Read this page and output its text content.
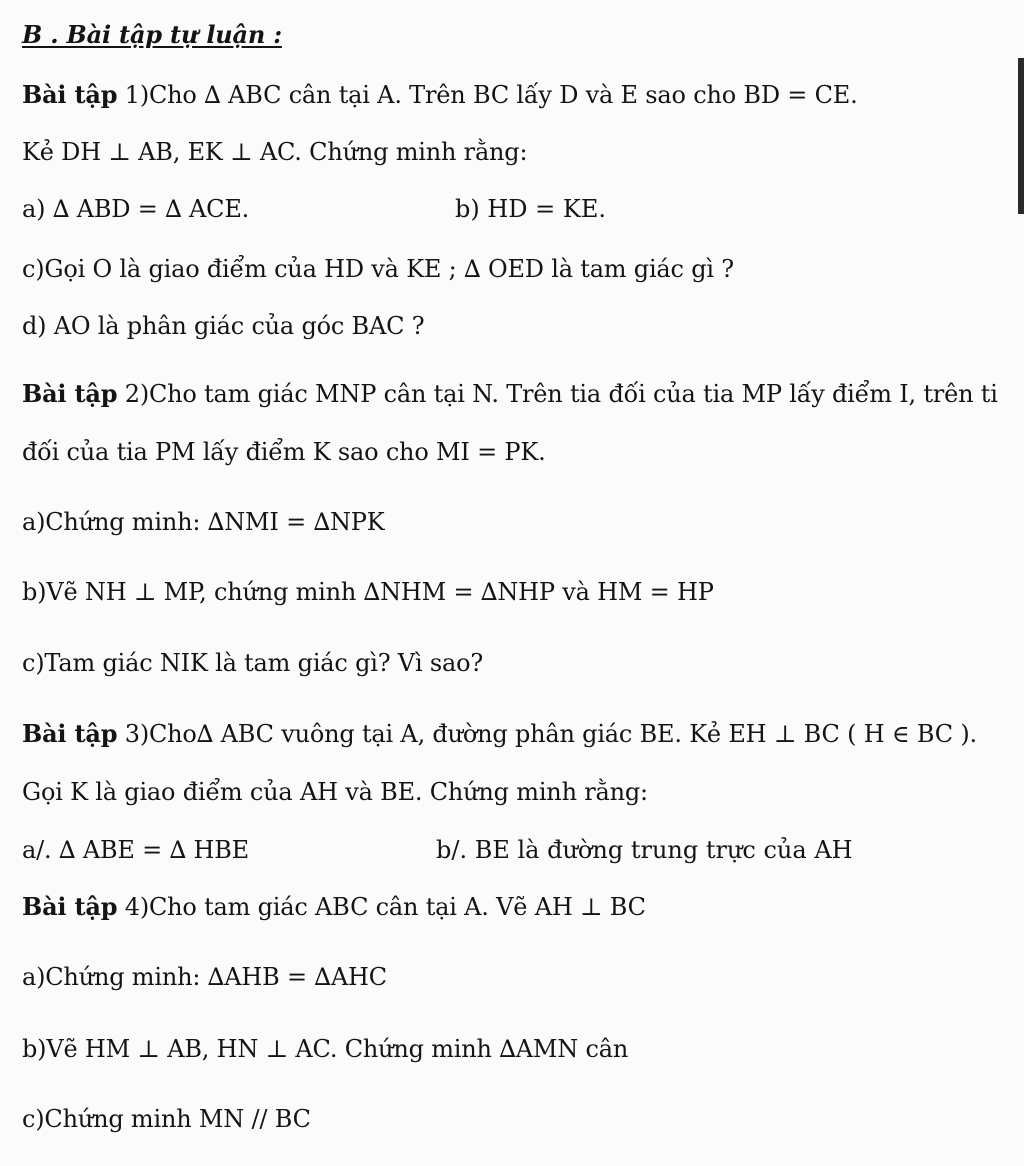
B . Bài tập tự luận :
Bài tập 1)Cho ∆ ABC cân tại A. Trên BC lấy D và E sao cho BD = CE.
Kẻ DH ⊥ AB, EK ⊥ AC. Chứng minh rằng:
a) ∆ ABD = ∆ ACE.	b) HD = KE.
c)Gọi O là giao điểm của HD và KE ; ∆ OED là tam giác gì ?
d) AO là phân giác của góc BAC ?
Bài tập 2)Cho tam giác MNP cân tại N. Trên tia đối của tia MP lấy điểm I, trên ti
đối của tia PM lấy điểm K sao cho MI = PK.
a)Chứng minh: ∆NMI = ∆NPK
b)Vẽ NH ⊥ MP, chứng minh ∆NHM = ∆NHP và HM = HP
c)Tam giác NIK là tam giác gì? Vì sao?
Bài tập 3)Cho∆ ABC vuông tại A, đường phân giác BE. Kẻ EH ⊥ BC ( H ∈ BC ).
Gọi K là giao điểm của AH và BE. Chứng minh rằng:
a/. ∆ ABE = ∆ HBE	b/. BE là đường trung trực của AH
Bài tập 4)Cho tam giác ABC cân tại A. Vẽ AH ⊥ BC
a)Chứng minh: ∆AHB = ∆AHC
b)Vẽ HM ⊥ AB, HN ⊥ AC. Chứng minh ∆AMN cân
c)Chứng minh MN // BC
